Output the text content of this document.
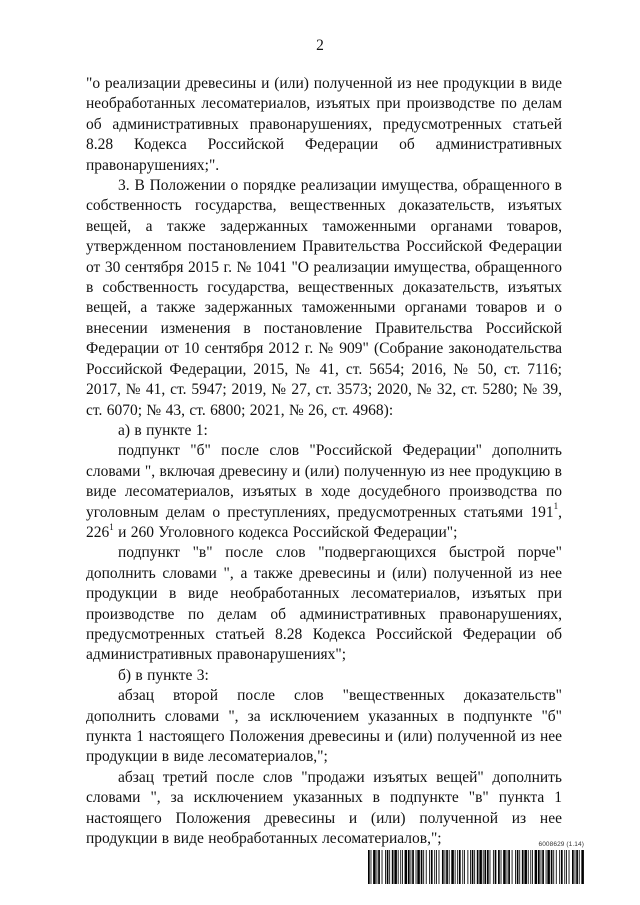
2

"о реализации древесины и (или) полученной из нее продукции в виде необработанных лесоматериалов, изъятых при производстве по делам об административных правонарушениях, предусмотренных статьей 8.28 Кодекса Российской Федерации об административных правонарушениях;".

3. В Положении о порядке реализации имущества, обращенного в собственность государства, вещественных доказательств, изъятых вещей, а также задержанных таможенными органами товаров, утвержденном постановлением Правительства Российской Федерации от 30 сентября 2015 г. № 1041 "О реализации имущества, обращенного в собственность государства, вещественных доказательств, изъятых вещей, а также задержанных таможенными органами товаров и о внесении изменения в постановление Правительства Российской Федерации от 10 сентября 2012 г. № 909" (Собрание законодательства Российской Федерации, 2015, № 41, ст. 5654; 2016, № 50, ст. 7116; 2017, № 41, ст. 5947; 2019, № 27, ст. 3573; 2020, № 32, ст. 5280; № 39, ст. 6070; № 43, ст. 6800; 2021, № 26, ст. 4968):

а) в пункте 1:

подпункт "б" после слов "Российской Федерации" дополнить словами ", включая древесину и (или) полученную из нее продукцию в виде лесоматериалов, изъятых в ходе досудебного производства по уголовным делам о преступлениях, предусмотренных статьями $191^1$, $226^1$ и 260 Уголовного кодекса Российской Федерации";

подпункт "в" после слов "подвергающихся быстрой порче" дополнить словами ", а также древесины и (или) полученной из нее продукции в виде необработанных лесоматериалов, изъятых при производстве по делам об административных правонарушениях, предусмотренных статьей 8.28 Кодекса Российской Федерации об административных правонарушениях";

б) в пункте 3:

абзац второй после слов "вещественных доказательств" дополнить словами ", за исключением указанных в подпункте "б" пункта 1 настоящего Положения древесины и (или) полученной из нее продукции в виде лесоматериалов,";

абзац третий после слов "продажи изъятых вещей" дополнить словами ", за исключением указанных в подпункте "в" пункта 1 настоящего Положения древесины и (или) полученной из нее продукции в виде необработанных лесоматериалов,";	6008629 (1.14)
